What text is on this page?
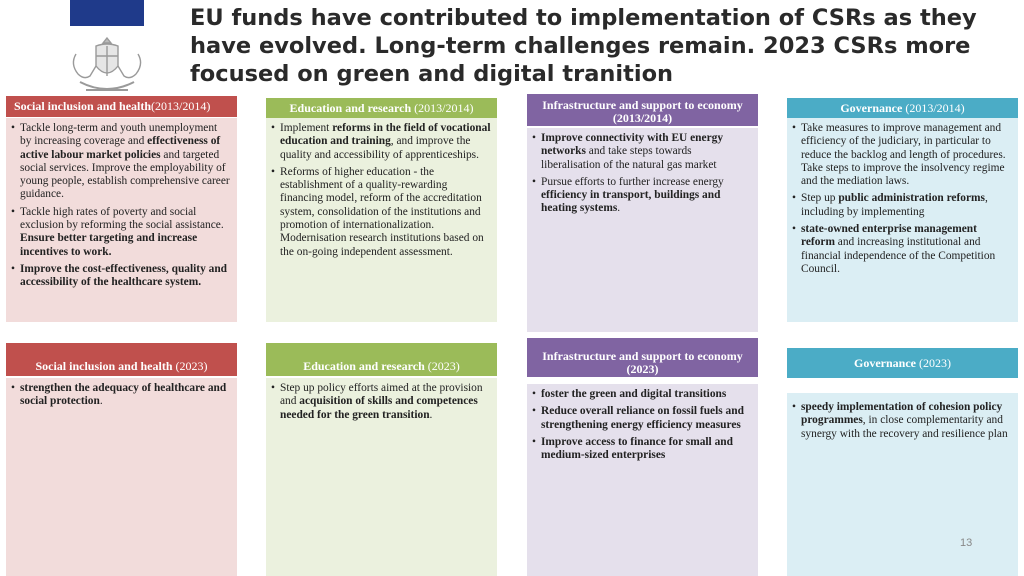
EU funds have contributed to implementation of CSRs as they have evolved. Long-term challenges remain. 2023 CSRs more focused on green and digital tranition
Social inclusion and health(2013/2014)
• Tackle long-term and youth unemployment by increasing coverage and effectiveness of active labour market policies and targeted social services. Improve the employability of young people, establish comprehensive career guidance.
• Tackle high rates of poverty and social exclusion by reforming the social assistance. Ensure better targeting and increase incentives to work.
• Improve the cost-effectiveness, quality and accessibility of the healthcare system.
Education and research (2013/2014)
• Implement reforms in the field of vocational education and training, and improve the quality and accessibility of apprenticeships.
• Reforms of higher education - the establishment of a quality-rewarding financing model, reform of the accreditation system, consolidation of the institutions and promotion of internationalization. Modernisation research institutions based on the on-going independent assessment.
Infrastructure and support to economy
(2013/2014)
• Improve connectivity with EU energy networks and take steps towards liberalisation of the natural gas market
• Pursue efforts to further increase energy efficiency in transport, buildings and heating systems.
Governance (2013/2014)
• Take measures to improve management and efficiency of the judiciary, in particular to reduce the backlog and length of procedures. Take steps to improve the insolvency regime and the mediation laws.
• Step up public administration reforms, including by implementing
• state-owned enterprise management reform and increasing institutional and financial independence of the Competition Council.
Social inclusion and health (2023)
• strengthen the adequacy of healthcare and social protection.
Education and research (2023)
• Step up policy efforts aimed at the provision and acquisition of skills and competences needed for the green transition.
Infrastructure and support to economy
(2023)
• foster the green and digital transitions
• Reduce overall reliance on fossil fuels and strengthening energy efficiency measures
• Improve access to finance for small and medium-sized enterprises
Governance (2023)
• speedy implementation of cohesion policy programmes, in close complementarity and synergy with the recovery and resilience plan
13
